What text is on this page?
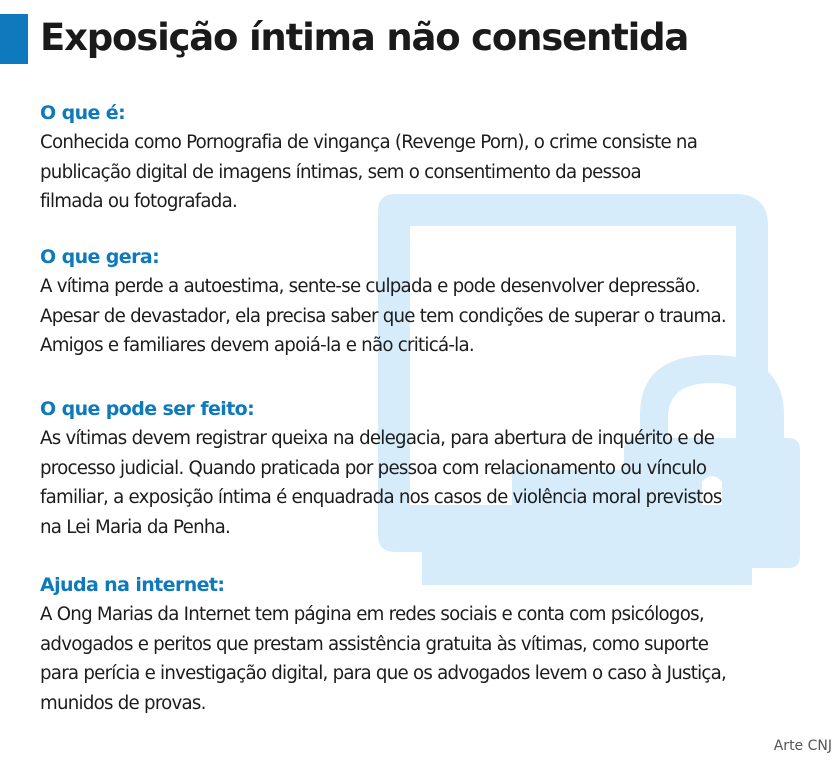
Exposição íntima não consentida
O que é:

Conhecida como Pornografia de vingança (Revenge Porn), o crime consiste na
publicação digital de imagens íntimas, sem o consentimento da pessoa
filmada ou fotografada.

O que gera:

A vítima perde a autoestima, sente-se culpada e pode desenvolver depressão.
Apesar de devastador, ela precisa saber que tem condições de superar o trauma.
Amigos e familiares devem apoiá-la e não criticá-la.

O que pode ser feito:

As vítimas devem registrar queixa na delegacia, para abertura de inquérito e de
processo judicial. Quando praticada por pessoa com relacionamento ou vínculo
familiar, a exposição íntima é enquadrada nos casos de violência moral previstos
na Lei Maria da Penha.

Ajuda na internet:

A Ong Marias da Internet tem página em redes sociais e conta com psicólogos,
advogados e peritos que prestam assistência gratuita às vítimas, como suporte
para perícia e investigação digital, para que os advogados levem o caso à Justiça,
munidos de provas.

Arte CNJ
